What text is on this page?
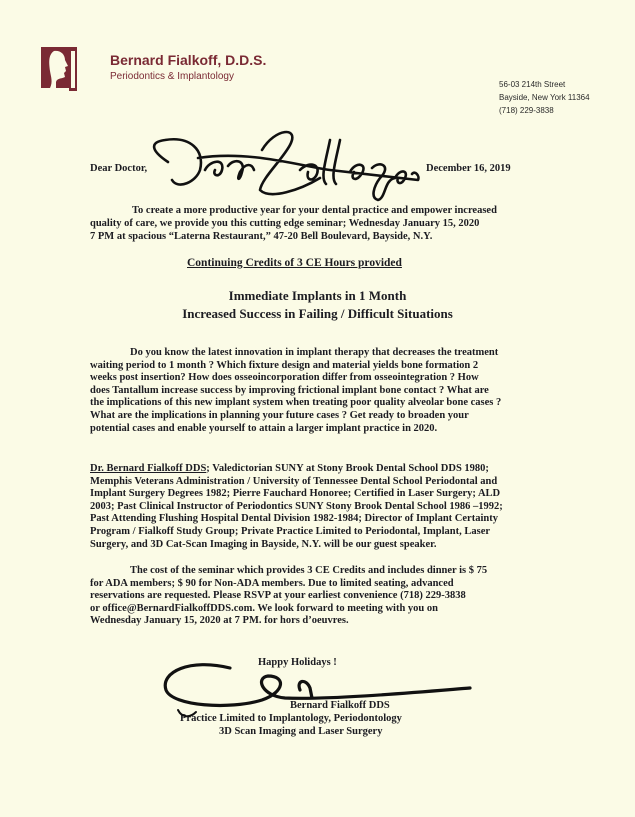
Bernard Fialkoff, D.D.S.
Periodontics & Implantology
56-03 214th Street
Bayside, New York 11364
(718) 229-3838
Dear Doctor,	December 16, 2019
To create a more productive year for your dental practice and empower increased
quality of care, we provide you this cutting edge seminar; Wednesday January 15, 2020
7 PM at spacious “Laterna Restaurant,” 47-20 Bell Boulevard, Bayside, N.Y.
Continuing Credits of 3 CE Hours provided
Immediate Implants in 1 Month
Increased Success in Failing / Difficult Situations
Do you know the latest innovation in implant therapy that decreases the treatment
waiting period to 1 month ? Which fixture design and material yields bone formation 2
weeks post insertion? How does osseoincorporation differ from osseointegration ? How
does Tantallum increase success by improving frictional implant bone contact ? What are
the implications of this new implant system when treating poor quality alveolar bone cases ?
What are the implications in planning your future cases ? Get ready to broaden your
potential cases and enable yourself to attain a larger implant practice in 2020.
Dr. Bernard Fialkoff DDS; Valedictorian SUNY at Stony Brook Dental School DDS 1980;
Memphis Veterans Administration / University of Tennessee Dental School Periodontal and
Implant Surgery Degrees 1982; Pierre Fauchard Honoree; Certified in Laser Surgery; ALD
2003; Past Clinical Instructor of Periodontics SUNY Stony Brook Dental School 1986 –1992;
Past Attending Flushing Hospital Dental Division 1982-1984; Director of Implant Certainty
Program / Fialkoff Study Group; Private Practice Limited to Periodontal, Implant, Laser
Surgery, and 3D Cat-Scan Imaging in Bayside, N.Y. will be our guest speaker.
The cost of the seminar which provides 3 CE Credits and includes dinner is $ 75
for ADA members; $ 90 for Non-ADA members. Due to limited seating, advanced
reservations are requested. Please RSVP at your earliest convenience (718) 229-3838
or office@BernardFialkoffDDS.com. We look forward to meeting with you on
Wednesday January 15, 2020 at 7 PM. for hors d’oeuvres.
Happy Holidays !
Bernard Fialkoff DDS
Practice Limited to Implantology, Periodontology
3D Scan Imaging and Laser Surgery
